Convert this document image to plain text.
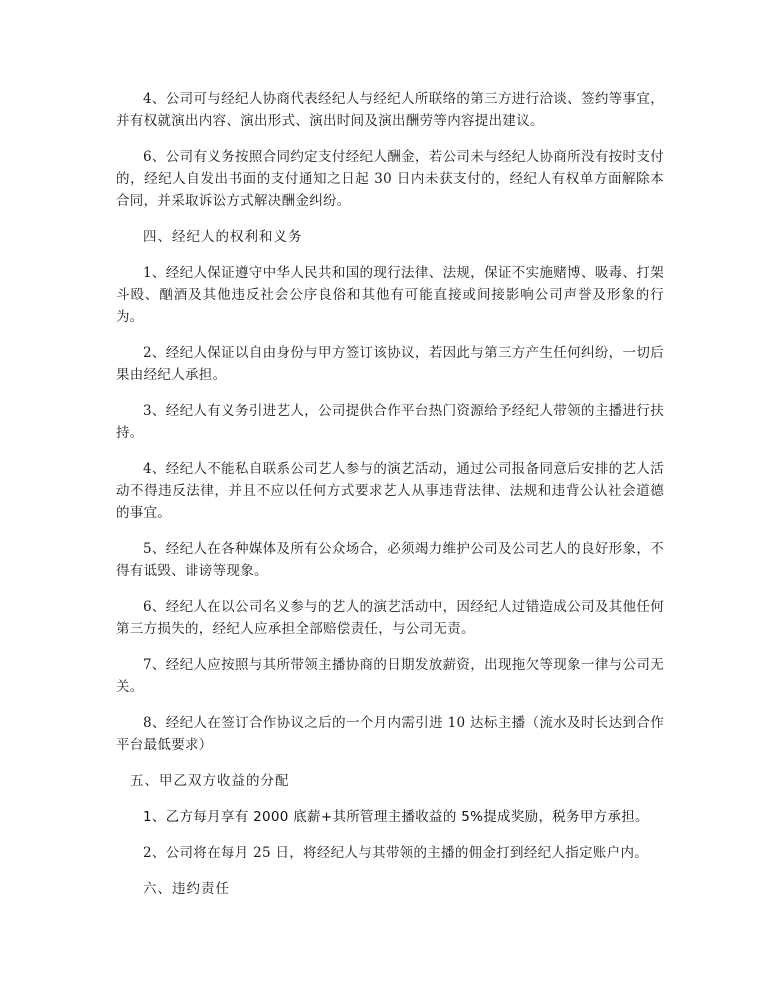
4、公司可与经纪人协商代表经纪人与经纪人所联络的第三方进行洽谈、签约等事宜，并有权就演出内容、演出形式、演出时间及演出酬劳等内容提出建议。

6、公司有义务按照合同约定支付经纪人酬金，若公司未与经纪人协商所没有按时支付的，经纪人自发出书面的支付通知之日起 30 日内未获支付的，经纪人有权单方面解除本合同，并采取诉讼方式解决酬金纠纷。

四、经纪人的权利和义务

1、经纪人保证遵守中华人民共和国的现行法律、法规，保证不实施赌博、吸毒、打架斗殴、酗酒及其他违反社会公序良俗和其他有可能直接或间接影响公司声誉及形象的行为。

2、经纪人保证以自由身份与甲方签订该协议，若因此与第三方产生任何纠纷，一切后果由经纪人承担。

3、经纪人有义务引进艺人，公司提供合作平台热门资源给予经纪人带领的主播进行扶持。

4、经纪人不能私自联系公司艺人参与的演艺活动，通过公司报备同意后安排的艺人活动不得违反法律，并且不应以任何方式要求艺人从事违背法律、法规和违背公认社会道德的事宜。

5、经纪人在各种媒体及所有公众场合，必须竭力维护公司及公司艺人的良好形象，不得有诋毁、诽谤等现象。

6、经纪人在以公司名义参与的艺人的演艺活动中，因经纪人过错造成公司及其他任何第三方损失的，经纪人应承担全部赔偿责任，与公司无责。

7、经纪人应按照与其所带领主播协商的日期发放薪资，出现拖欠等现象一律与公司无关。

8、经纪人在签订合作协议之后的一个月内需引进 10 达标主播（流水及时长达到合作平台最低要求）

五、甲乙双方收益的分配

1、乙方每月享有 2000 底薪+其所管理主播收益的 5%提成奖励，税务甲方承担。

2、公司将在每月 25 日，将经纪人与其带领的主播的佣金打到经纪人指定账户内。

六、违约责任
